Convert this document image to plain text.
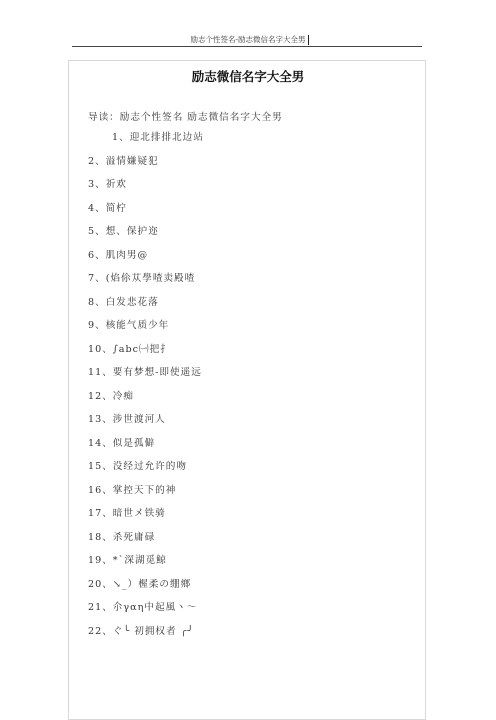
励志个性签名-励志微信名字大全男
励志微信名字大全男
导读：励志个性签名 励志微信名字大全男
1、迎北排排北边站
2、溢情嫌疑犯
3、祈欢
4、简柠
5、想、保护迩
6、肌肉男@
7、(焰伱苁學喳卖殿喳
8、白发悲花落
9、核能气质少年
10、∫abc㈠把扌
11、要有梦想-即使遥远
12、冷痴
13、涉世渡河人
14、似是孤僻
15、没经过允许的吻
16、掌控天下的神
17、暗世メ铁骑
18、杀死庸碌
19、*ˋ深湖觅鲸
20、↘_）楃柔の绷鄉
21、尒γαη中起風ヽ～
22、ぐ╰ 初拥权者 ╭╯
